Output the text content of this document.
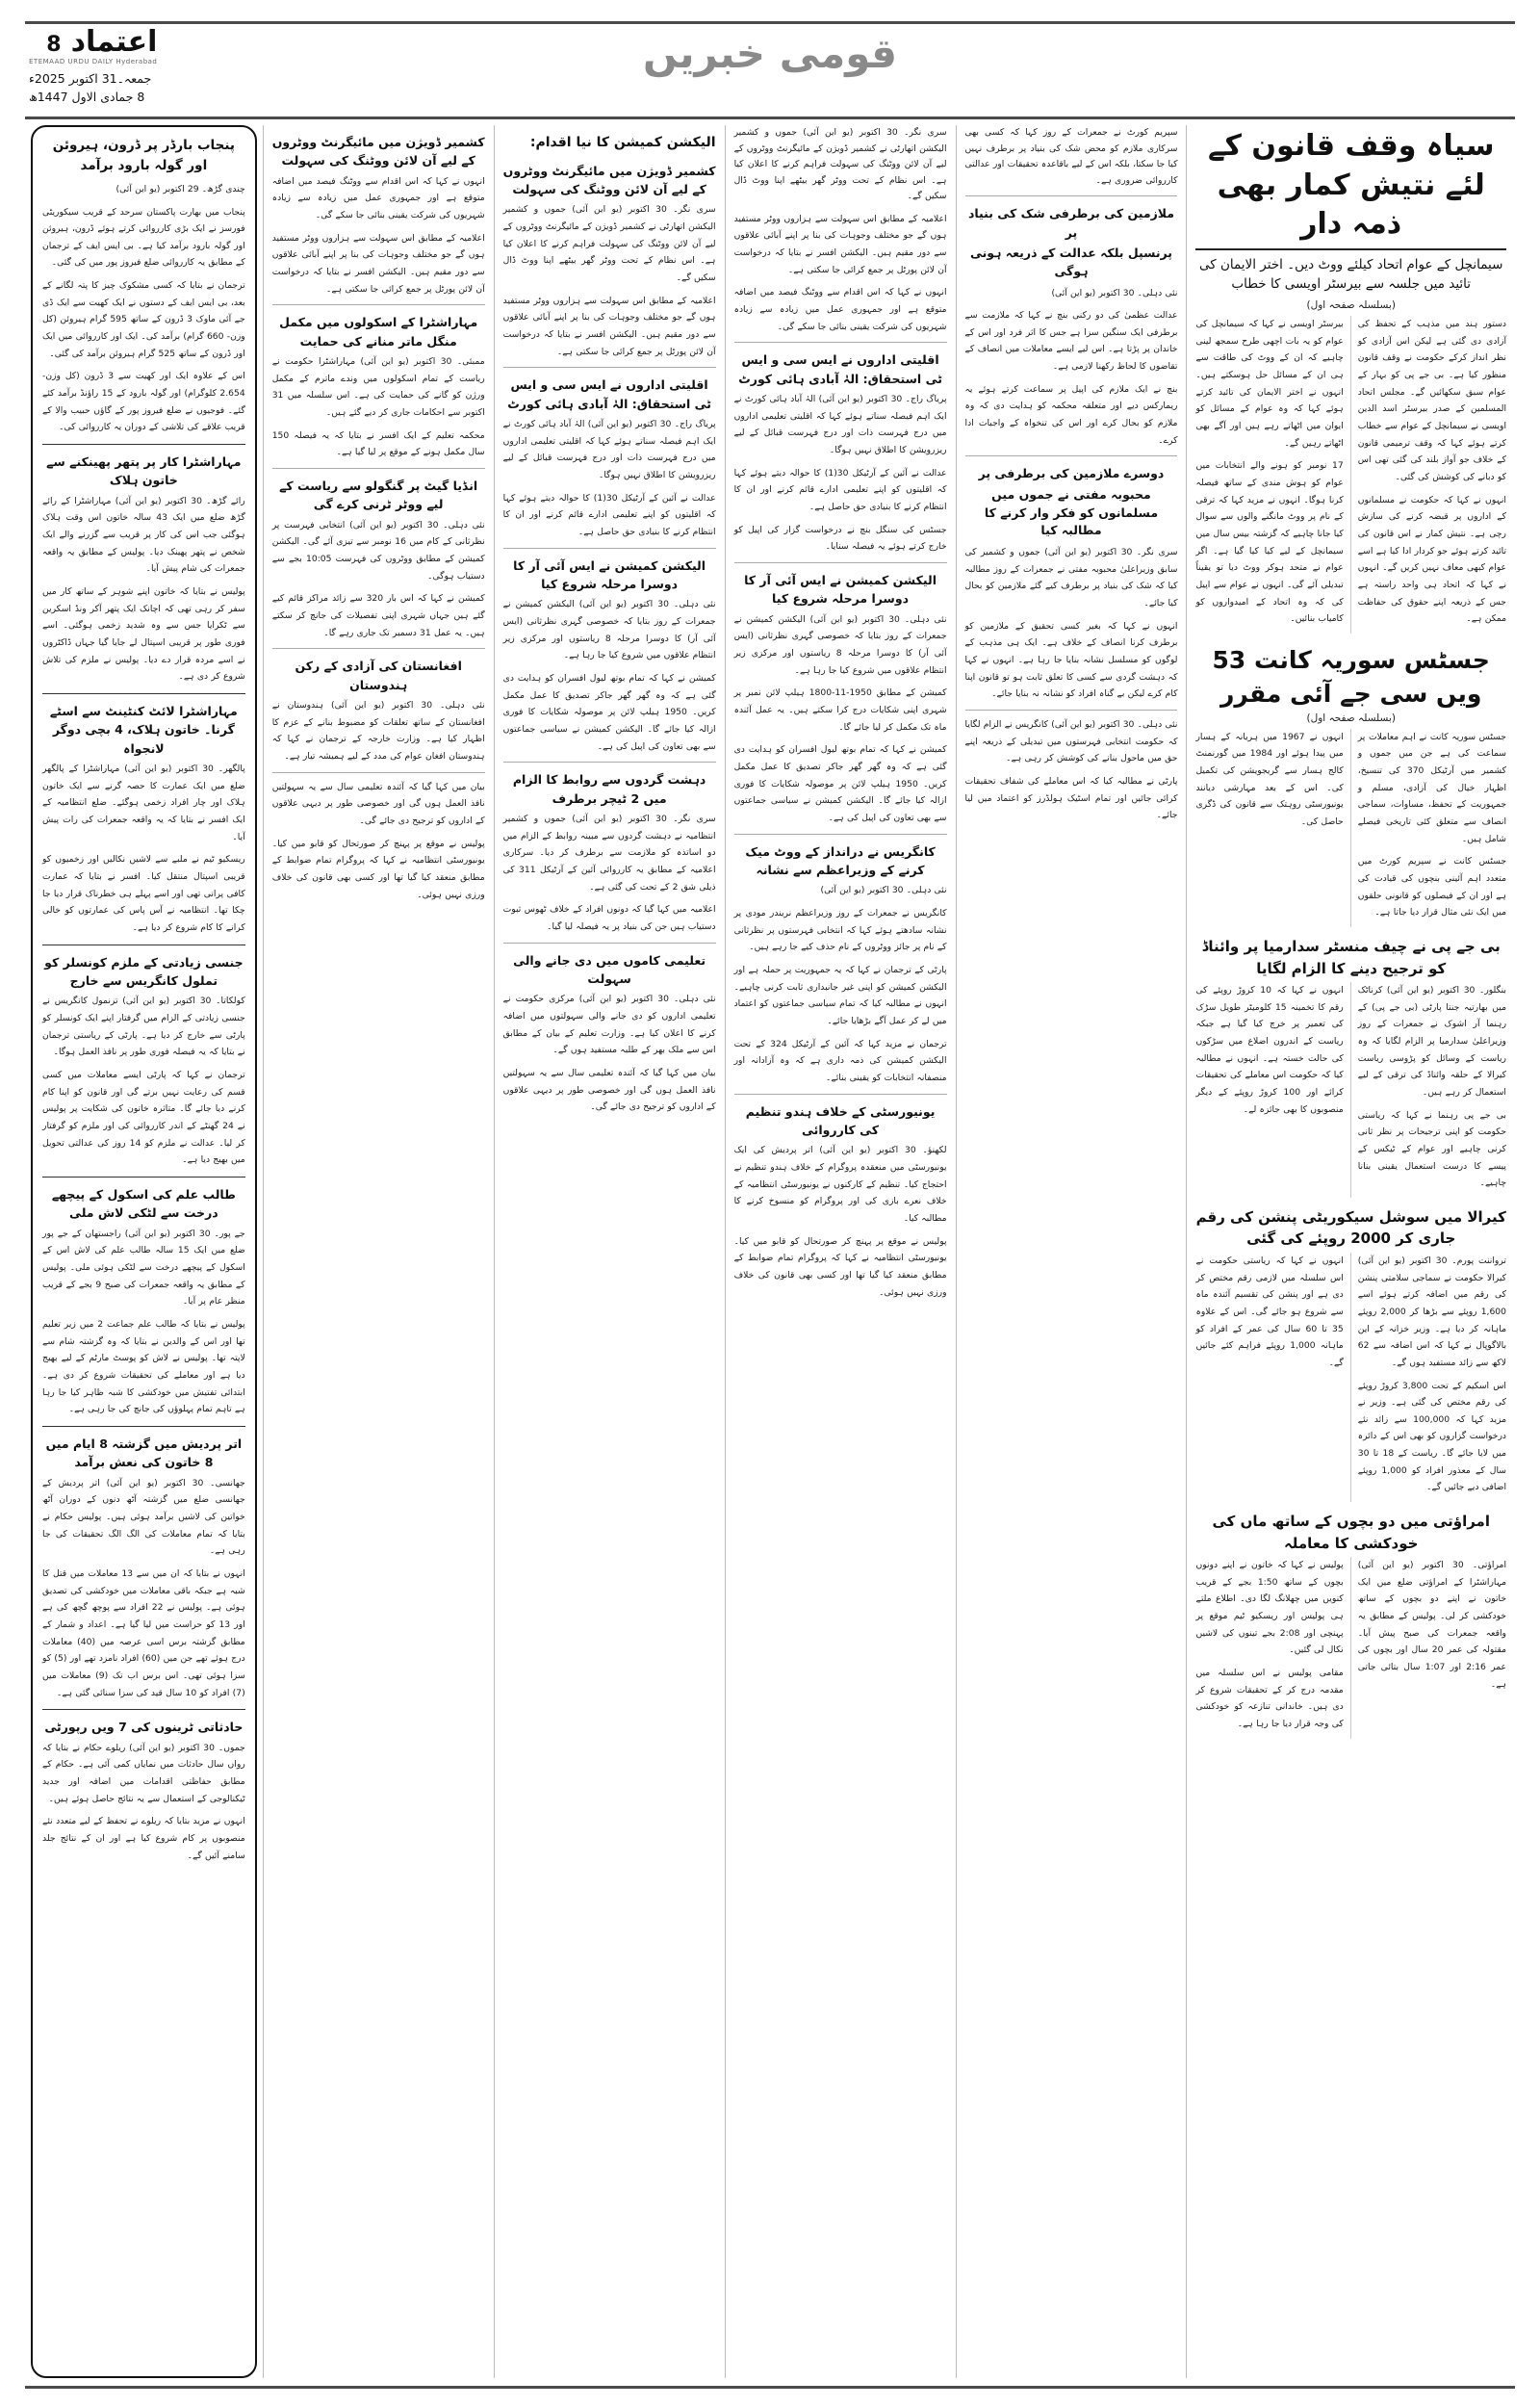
اعتماد
8
ETEMAAD URDU DAILY Hyderabad
جمعہ۔31 اکتوبر 2025ء
8 جمادی الاول 1447ھ
قومی خبریں
سیاہ وقف قانون کے لئے نتیش کمار بھی ذمہ دار
سیمانچل کے عوام اتحاد کیلئے ووٹ دیں۔ اختر الایمان کی تائید میں جلسہ سے بیرسٹر اویسی کا خطاب
(بسلسلہ صفحہ اول)
دستور ہند میں مذہب کے تحفظ کی آزادی دی گئی ہے لیکن اس آزادی کو نظر انداز کرکے حکومت نے وقف قانون منظور کیا ہے۔ بی جے پی کو بہار کے عوام سبق سکھائیں گے۔ مجلس اتحاد المسلمین کے صدر بیرسٹر اسد الدین اویسی نے سیمانچل کے عوام سے خطاب کرتے ہوئے کہا کہ وقف ترمیمی قانون کے خلاف جو آواز بلند کی گئی تھی اس کو دبانے کی کوشش کی گئی۔
انہوں نے کہا کہ حکومت نے مسلمانوں کے اداروں پر قبضہ کرنے کی سازش رچی ہے۔ نتیش کمار نے اس قانون کی تائید کرتے ہوئے جو کردار ادا کیا ہے اسے عوام کبھی معاف نہیں کریں گے۔ انہوں نے کہا کہ اتحاد ہی واحد راستہ ہے جس کے ذریعہ اپنے حقوق کی حفاظت ممکن ہے۔
بیرسٹر اویسی نے کہا کہ سیمانچل کی عوام کو یہ بات اچھی طرح سمجھ لینی چاہیے کہ ان کے ووٹ کی طاقت سے ہی ان کے مسائل حل ہوسکتے ہیں۔ انہوں نے اختر الایمان کی تائید کرتے ہوئے کہا کہ وہ عوام کے مسائل کو ایوان میں اٹھاتے رہے ہیں اور آگے بھی اٹھاتے رہیں گے۔
17 نومبر کو ہونے والے انتخابات میں عوام کو ہوش مندی کے ساتھ فیصلہ کرنا ہوگا۔ انہوں نے مزید کہا کہ ترقی کے نام پر ووٹ مانگنے والوں سے سوال کیا جانا چاہیے کہ گزشتہ بیس سال میں سیمانچل کے لیے کیا کیا گیا ہے۔ اگر عوام نے متحد ہوکر ووٹ دیا تو یقیناً تبدیلی آئے گی۔ انہوں نے عوام سے اپیل کی کہ وہ اتحاد کے امیدواروں کو کامیاب بنائیں۔
جسٹس سوریہ کانت 53 ویں سی جے آئی مقرر
(بسلسلہ صفحہ اول)
جسٹس سوریہ کانت نے اہم معاملات پر سماعت کی ہے جن میں جموں و کشمیر میں آرٹیکل 370 کی تنسیخ، اظہار خیال کی آزادی، مسلم و جمہوریت کے تحفظ، مساوات، سماجی انصاف سے متعلق کئی تاریخی فیصلے شامل ہیں۔
جسٹس کانت نے سپریم کورٹ میں متعدد اہم آئینی بنچوں کی قیادت کی ہے اور ان کے فیصلوں کو قانونی حلقوں میں ایک نئی مثال قرار دیا جاتا ہے۔
انہوں نے 1967 میں ہریانہ کے ہسار میں پیدا ہوئے اور 1984 میں گورنمنٹ کالج ہسار سے گریجویشن کی تکمیل کی۔ اس کے بعد مہارشی دیانند یونیورسٹی روہتک سے قانون کی ڈگری حاصل کی۔
بی جے پی نے چیف منسٹر سدارمیا پر وائناڈ کو ترجیح دینے کا الزام لگایا
بنگلور۔ 30 اکتوبر (یو این آئی) کرناٹک میں بھارتیہ جنتا پارٹی (بی جے پی) کے رہنما آر اشوک نے جمعرات کے روز وزیراعلیٰ سدارمیا پر الزام لگایا کہ وہ ریاست کے وسائل کو پڑوسی ریاست کیرالا کے حلقہ وائناڈ کی ترقی کے لیے استعمال کر رہے ہیں۔
بی جے پی رہنما نے کہا کہ ریاستی حکومت کو اپنی ترجیحات پر نظر ثانی کرنی چاہیے اور عوام کے ٹیکس کے پیسے کا درست استعمال یقینی بنانا چاہیے۔
انہوں نے کہا کہ 10 کروڑ روپئے کی رقم کا تخمینہ 15 کلومیٹر طویل سڑک کی تعمیر پر خرچ کیا گیا ہے جبکہ ریاست کے اندرون اضلاع میں سڑکوں کی حالت خستہ ہے۔ انہوں نے مطالبہ کیا کہ حکومت اس معاملے کی تحقیقات کرائے اور 100 کروڑ روپئے کے دیگر منصوبوں کا بھی جائزہ لے۔
کیرالا میں سوشل سیکوریٹی پنشن کی رقم جاری کر 2000 روپئے کی گئی
ترواننت پورم۔ 30 اکتوبر (یو این آئی) کیرالا حکومت نے سماجی سلامتی پنشن کی رقم میں اضافہ کرتے ہوئے اسے 1,600 روپئے سے بڑھا کر 2,000 روپئے ماہانہ کر دیا ہے۔ وزیر خزانہ کے این بالاگوپال نے کہا کہ اس اضافہ سے 62 لاکھ سے زائد مستفید ہوں گے۔
اس اسکیم کے تحت 3,800 کروڑ روپئے کی رقم مختص کی گئی ہے۔ وزیر نے مزید کہا کہ 100,000 سے زائد نئے درخواست گزاروں کو بھی اس کے دائرہ میں لایا جائے گا۔ ریاست کے 18 تا 30 سال کے معذور افراد کو 1,000 روپئے اضافی دیے جائیں گے۔
انہوں نے کہا کہ ریاستی حکومت نے اس سلسلہ میں لازمی رقم مختص کر دی ہے اور پنشن کی تقسیم آئندہ ماہ سے شروع ہو جائے گی۔ اس کے علاوہ 35 تا 60 سال کی عمر کے افراد کو ماہانہ 1,000 روپئے فراہم کئے جائیں گے۔
امراؤتی میں دو بچوں کے ساتھ ماں کی خودکشی کا معاملہ
امراؤتی۔ 30 اکتوبر (یو این آئی) مہاراشٹرا کے امراؤتی ضلع میں ایک خاتون نے اپنے دو بچوں کے ساتھ خودکشی کر لی۔ پولیس کے مطابق یہ واقعہ جمعرات کی صبح پیش آیا۔ مقتولہ کی عمر 20 سال اور بچوں کی عمر 2:16 اور 1:07 سال بتائی جاتی ہے۔
پولیس نے کہا کہ خاتون نے اپنے دونوں بچوں کے ساتھ 1:50 بجے کے قریب کنویں میں چھلانگ لگا دی۔ اطلاع ملتے ہی پولیس اور ریسکیو ٹیم موقع پر پہنچی اور 2:08 بجے تینوں کی لاشیں نکال لی گئیں۔
مقامی پولیس نے اس سلسلہ میں مقدمہ درج کر کے تحقیقات شروع کر دی ہیں۔ خاندانی تنازعہ کو خودکشی کی وجہ قرار دیا جا رہا ہے۔
سپریم کورٹ نے جمعرات کے روز کہا کہ کسی بھی سرکاری ملازم کو محض شک کی بنیاد پر برطرف نہیں کیا جا سکتا، بلکہ اس کے لیے باقاعدہ تحقیقات اور عدالتی کارروائی ضروری ہے۔
ملازمین کی برطرفی شک کی بنیاد پر
پرنسپل بلکہ عدالت کے ذریعہ ہونی ہوگی
نئی دہلی۔ 30 اکتوبر (یو این آئی)
عدالت عظمیٰ کی دو رکنی بنچ نے کہا کہ ملازمت سے برطرفی ایک سنگین سزا ہے جس کا اثر فرد اور اس کے خاندان پر پڑتا ہے۔ اس لیے ایسے معاملات میں انصاف کے تقاضوں کا لحاظ رکھنا لازمی ہے۔
بنچ نے ایک ملازم کی اپیل پر سماعت کرتے ہوئے یہ ریمارکس دیے اور متعلقہ محکمہ کو ہدایت دی کہ وہ ملازم کو بحال کرے اور اس کی تنخواہ کے واجبات ادا کرے۔
دوسرے ملازمین کی برطرفی پر
محبوبہ مفتی نے جموں میں مسلمانوں کو فکر وار کرنے کا مطالبہ کیا
سری نگر۔ 30 اکتوبر (یو این آئی) جموں و کشمیر کی سابق وزیراعلیٰ محبوبہ مفتی نے جمعرات کے روز مطالبہ کیا کہ شک کی بنیاد پر برطرف کیے گئے ملازمین کو بحال کیا جائے۔
انہوں نے کہا کہ بغیر کسی تحقیق کے ملازمین کو برطرف کرنا انصاف کے خلاف ہے۔ ایک ہی مذہب کے لوگوں کو مسلسل نشانہ بنایا جا رہا ہے۔ انہوں نے کہا کہ دہشت گردی سے کسی کا تعلق ثابت ہو تو قانون اپنا کام کرے لیکن بے گناہ افراد کو نشانہ نہ بنایا جائے۔
نئی دہلی۔ 30 اکتوبر (یو این آئی) کانگریس نے الزام لگایا کہ حکومت انتخابی فہرستوں میں تبدیلی کے ذریعہ اپنے حق میں ماحول بنانے کی کوشش کر رہی ہے۔
پارٹی نے مطالبہ کیا کہ اس معاملے کی شفاف تحقیقات کرائی جائیں اور تمام اسٹیک ہولڈرز کو اعتماد میں لیا جائے۔
سری نگر۔ 30 اکتوبر (یو این آئی) جموں و کشمیر الیکشن اتھارٹی نے کشمیر ڈویژن کے مائیگرنٹ ووٹروں کے لیے آن لائن ووٹنگ کی سہولت فراہم کرنے کا اعلان کیا ہے۔ اس نظام کے تحت ووٹر گھر بیٹھے اپنا ووٹ ڈال سکیں گے۔
اعلامیہ کے مطابق اس سہولت سے ہزاروں ووٹر مستفید ہوں گے جو مختلف وجوہات کی بنا پر اپنے آبائی علاقوں سے دور مقیم ہیں۔ الیکشن افسر نے بتایا کہ درخواست آن لائن پورٹل پر جمع کرائی جا سکتی ہے۔
انہوں نے کہا کہ اس اقدام سے ووٹنگ فیصد میں اضافہ متوقع ہے اور جمہوری عمل میں زیادہ سے زیادہ شہریوں کی شرکت یقینی بنائی جا سکے گی۔
اقلیتی اداروں نے ایس سی و ایس ٹی استحقاق: الہٰ آبادی ہائی کورٹ
پریاگ راج۔ 30 اکتوبر (یو این آئی) الہٰ آباد ہائی کورٹ نے ایک اہم فیصلہ سناتے ہوئے کہا کہ اقلیتی تعلیمی اداروں میں درج فہرست ذات اور درج فہرست قبائل کے لیے ریزرویشن کا اطلاق نہیں ہوگا۔
عدالت نے آئین کے آرٹیکل 30(1) کا حوالہ دیتے ہوئے کہا کہ اقلیتوں کو اپنے تعلیمی ادارے قائم کرنے اور ان کا انتظام کرنے کا بنیادی حق حاصل ہے۔
جسٹس کی سنگل بنچ نے درخواست گزار کی اپیل کو خارج کرتے ہوئے یہ فیصلہ سنایا۔
الیکشن کمیشن نے ایس آئی آر کا دوسرا مرحلہ شروع کیا
نئی دہلی۔ 30 اکتوبر (یو این آئی) الیکشن کمیشن نے جمعرات کے روز بتایا کہ خصوصی گہری نظرثانی (ایس آئی آر) کا دوسرا مرحلہ 8 ریاستوں اور مرکزی زیر انتظام علاقوں میں شروع کیا جا رہا ہے۔
کمیشن کے مطابق 1950-11-1800 ہیلپ لائن نمبر پر شہری اپنی شکایات درج کرا سکتے ہیں۔ یہ عمل آئندہ ماہ تک مکمل کر لیا جائے گا۔
کمیشن نے کہا کہ تمام بوتھ لیول افسران کو ہدایت دی گئی ہے کہ وہ گھر گھر جاکر تصدیق کا عمل مکمل کریں۔ 1950 ہیلپ لائن پر موصولہ شکایات کا فوری ازالہ کیا جائے گا۔ الیکشن کمیشن نے سیاسی جماعتوں سے بھی تعاون کی اپیل کی ہے۔
کانگریس نے درانداز کے ووٹ میک کرنے کے وزیراعظم سے نشانہ
نئی دہلی۔ 30 اکتوبر (یو این آئی)
کانگریس نے جمعرات کے روز وزیراعظم نریندر مودی پر نشانہ سادھتے ہوئے کہا کہ انتخابی فہرستوں پر نظرثانی کے نام پر جائز ووٹروں کے نام حذف کیے جا رہے ہیں۔
پارٹی کے ترجمان نے کہا کہ یہ جمہوریت پر حملہ ہے اور الیکشن کمیشن کو اپنی غیر جانبداری ثابت کرنی چاہیے۔ انہوں نے مطالبہ کیا کہ تمام سیاسی جماعتوں کو اعتماد میں لے کر عمل آگے بڑھایا جائے۔
ترجمان نے مزید کہا کہ آئین کے آرٹیکل 324 کے تحت الیکشن کمیشن کی ذمہ داری ہے کہ وہ آزادانہ اور منصفانہ انتخابات کو یقینی بنائے۔
یونیورسٹی کے خلاف ہندو تنظیم کی کارروائی
لکھنؤ۔ 30 اکتوبر (یو این آئی) اتر پردیش کی ایک یونیورسٹی میں منعقدہ پروگرام کے خلاف ہندو تنظیم نے احتجاج کیا۔ تنظیم کے کارکنوں نے یونیورسٹی انتظامیہ کے خلاف نعرے بازی کی اور پروگرام کو منسوخ کرنے کا مطالبہ کیا۔
پولیس نے موقع پر پہنچ کر صورتحال کو قابو میں کیا۔ یونیورسٹی انتظامیہ نے کہا کہ پروگرام تمام ضوابط کے مطابق منعقد کیا گیا تھا اور کسی بھی قانون کی خلاف ورزی نہیں ہوئی۔
الیکشن کمیشن کا نیا اقدام:
کشمیر ڈویژن میں مائیگرنٹ ووٹروں کے لیے آن لائن ووٹنگ کی سہولت
سری نگر۔ 30 اکتوبر (یو این آئی) جموں و کشمیر الیکشن اتھارٹی نے کشمیر ڈویژن کے مائیگرنٹ ووٹروں کے لیے آن لائن ووٹنگ کی سہولت فراہم کرنے کا اعلان کیا ہے۔ اس نظام کے تحت ووٹر گھر بیٹھے اپنا ووٹ ڈال سکیں گے۔
اعلامیہ کے مطابق اس سہولت سے ہزاروں ووٹر مستفید ہوں گے جو مختلف وجوہات کی بنا پر اپنے آبائی علاقوں سے دور مقیم ہیں۔ الیکشن افسر نے بتایا کہ درخواست آن لائن پورٹل پر جمع کرائی جا سکتی ہے۔
اقلیتی اداروں نے ایس سی و ایس ٹی استحقاق: الہٰ آبادی ہائی کورٹ
پریاگ راج۔ 30 اکتوبر (یو این آئی) الہٰ آباد ہائی کورٹ نے ایک اہم فیصلہ سناتے ہوئے کہا کہ اقلیتی تعلیمی اداروں میں درج فہرست ذات اور درج فہرست قبائل کے لیے ریزرویشن کا اطلاق نہیں ہوگا۔
عدالت نے آئین کے آرٹیکل 30(1) کا حوالہ دیتے ہوئے کہا کہ اقلیتوں کو اپنے تعلیمی ادارے قائم کرنے اور ان کا انتظام کرنے کا بنیادی حق حاصل ہے۔
الیکشن کمیشن نے ایس آئی آر کا دوسرا مرحلہ شروع کیا
نئی دہلی۔ 30 اکتوبر (یو این آئی) الیکشن کمیشن نے جمعرات کے روز بتایا کہ خصوصی گہری نظرثانی (ایس آئی آر) کا دوسرا مرحلہ 8 ریاستوں اور مرکزی زیر انتظام علاقوں میں شروع کیا جا رہا ہے۔
کمیشن نے کہا کہ تمام بوتھ لیول افسران کو ہدایت دی گئی ہے کہ وہ گھر گھر جاکر تصدیق کا عمل مکمل کریں۔ 1950 ہیلپ لائن پر موصولہ شکایات کا فوری ازالہ کیا جائے گا۔ الیکشن کمیشن نے سیاسی جماعتوں سے بھی تعاون کی اپیل کی ہے۔
دہشت گردوں سے روابط کا الزام میں 2 ٹیچر برطرف
سری نگر۔ 30 اکتوبر (یو این آئی) جموں و کشمیر انتظامیہ نے دہشت گردوں سے مبینہ روابط کے الزام میں دو اساتذہ کو ملازمت سے برطرف کر دیا۔ سرکاری اعلامیہ کے مطابق یہ کارروائی آئین کے آرٹیکل 311 کی ذیلی شق 2 کے تحت کی گئی ہے۔
اعلامیہ میں کہا گیا کہ دونوں افراد کے خلاف ٹھوس ثبوت دستیاب ہیں جن کی بنیاد پر یہ فیصلہ لیا گیا۔
تعلیمی کاموں میں دی جانے والی سہولت
نئی دہلی۔ 30 اکتوبر (یو این آئی) مرکزی حکومت نے تعلیمی اداروں کو دی جانے والی سہولتوں میں اضافہ کرنے کا اعلان کیا ہے۔ وزارت تعلیم کے بیان کے مطابق اس سے ملک بھر کے طلبہ مستفید ہوں گے۔
بیان میں کہا گیا کہ آئندہ تعلیمی سال سے یہ سہولتیں نافذ العمل ہوں گی اور خصوصی طور پر دیہی علاقوں کے اداروں کو ترجیح دی جائے گی۔
کشمیر ڈویژن میں مائیگرنٹ ووٹروں کے لیے آن لائن ووٹنگ کی سہولت
انہوں نے کہا کہ اس اقدام سے ووٹنگ فیصد میں اضافہ متوقع ہے اور جمہوری عمل میں زیادہ سے زیادہ شہریوں کی شرکت یقینی بنائی جا سکے گی۔
اعلامیہ کے مطابق اس سہولت سے ہزاروں ووٹر مستفید ہوں گے جو مختلف وجوہات کی بنا پر اپنے آبائی علاقوں سے دور مقیم ہیں۔ الیکشن افسر نے بتایا کہ درخواست آن لائن پورٹل پر جمع کرائی جا سکتی ہے۔
مہاراشٹرا کے اسکولوں میں مکمل منگل ماتر منانے کی حمایت
ممبئی۔ 30 اکتوبر (یو این آئی) مہاراشٹرا حکومت نے ریاست کے تمام اسکولوں میں وندے ماترم کے مکمل ورژن کو گانے کی حمایت کی ہے۔ اس سلسلہ میں 31 اکتوبر سے احکامات جاری کر دیے گئے ہیں۔
محکمہ تعلیم کے ایک افسر نے بتایا کہ یہ فیصلہ 150 سال مکمل ہونے کے موقع پر لیا گیا ہے۔
انڈیا گیٹ پر گنگولو سے ریاست کے لیے ووٹر ٹرنی کرے گی
نئی دہلی۔ 30 اکتوبر (یو این آئی) انتخابی فہرست پر نظرثانی کے کام میں 16 نومبر سے تیزی آئے گی۔ الیکشن کمیشن کے مطابق ووٹروں کی فہرست 10:05 بجے سے دستیاب ہوگی۔
کمیشن نے کہا کہ اس بار 320 سے زائد مراکز قائم کیے گئے ہیں جہاں شہری اپنی تفصیلات کی جانچ کر سکتے ہیں۔ یہ عمل 31 دسمبر تک جاری رہے گا۔
افغانستان کی آزادی کے رکن ہندوستان
نئی دہلی۔ 30 اکتوبر (یو این آئی) ہندوستان نے افغانستان کے ساتھ تعلقات کو مضبوط بنانے کے عزم کا اظہار کیا ہے۔ وزارت خارجہ کے ترجمان نے کہا کہ ہندوستان افغان عوام کی مدد کے لیے ہمیشہ تیار ہے۔
بیان میں کہا گیا کہ آئندہ تعلیمی سال سے یہ سہولتیں نافذ العمل ہوں گی اور خصوصی طور پر دیہی علاقوں کے اداروں کو ترجیح دی جائے گی۔
پولیس نے موقع پر پہنچ کر صورتحال کو قابو میں کیا۔ یونیورسٹی انتظامیہ نے کہا کہ پروگرام تمام ضوابط کے مطابق منعقد کیا گیا تھا اور کسی بھی قانون کی خلاف ورزی نہیں ہوئی۔
پنجاب بارڈر پر ڈرون، ہیروئن اور گولہ بارود برآمد
چندی گڑھ۔ 29 اکتوبر (یو این آئی)
پنجاب میں بھارت پاکستان سرحد کے قریب سیکوریٹی فورسز نے ایک بڑی کارروائی کرتے ہوئے ڈرون، ہیروئن اور گولہ بارود برآمد کیا ہے۔ بی ایس ایف کے ترجمان کے مطابق یہ کارروائی ضلع فیروز پور میں کی گئی۔
ترجمان نے بتایا کہ کسی مشکوک چیز کا پتہ لگانے کے بعد، بی ایس ایف کے دستوں نے ایک کھیت سے ایک ڈی جے آئی ماوک 3 ڈرون کے ساتھ 595 گرام ہیروئن (کل وزن- 660 گرام) برآمد کی۔ ایک اور کارروائی میں ایک اور ڈرون کے ساتھ 525 گرام ہیروئن برآمد کی گئی۔
اس کے علاوہ ایک اور کھیت سے 3 ڈرون (کل وزن- 2.654 کلوگرام) اور گولہ بارود کے 15 راؤنڈ برآمد کئے گئے۔ فوجیوں نے ضلع فیروز پور کے گاؤں حبیب والا کے قریب علاقے کی تلاشی کے دوران یہ کارروائی کی۔
مہاراشٹرا کار پر پتھر پھینکنے سے خاتون ہلاک
رائے گڑھ۔ 30 اکتوبر (یو این آئی) مہاراشٹرا کے رائے گڑھ ضلع میں ایک 43 سالہ خاتون اس وقت ہلاک ہوگئی جب اس کی کار پر قریب سے گزرنے والے ایک شخص نے پتھر پھینک دیا۔ پولیس کے مطابق یہ واقعہ جمعرات کی شام پیش آیا۔
پولیس نے بتایا کہ خاتون اپنے شوہر کے ساتھ کار میں سفر کر رہی تھی کہ اچانک ایک پتھر آکر ونڈ اسکرین سے ٹکرایا جس سے وہ شدید زخمی ہوگئی۔ اسے فوری طور پر قریبی اسپتال لے جایا گیا جہاں ڈاکٹروں نے اسے مردہ قرار دے دیا۔ پولیس نے ملزم کی تلاش شروع کر دی ہے۔
مہاراشٹرا لائٹ کنٹینٹ سے اسٹے گرنا۔ خاتون ہلاک، 4 بچی دوگر لانجواہ
پالگھر۔ 30 اکتوبر (یو این آئی) مہاراشٹرا کے پالگھر ضلع میں ایک عمارت کا حصہ گرنے سے ایک خاتون ہلاک اور چار افراد زخمی ہوگئے۔ ضلع انتظامیہ کے ایک افسر نے بتایا کہ یہ واقعہ جمعرات کی رات پیش آیا۔
ریسکیو ٹیم نے ملبے سے لاشیں نکالیں اور زخمیوں کو قریبی اسپتال منتقل کیا۔ افسر نے بتایا کہ عمارت کافی پرانی تھی اور اسے پہلے ہی خطرناک قرار دیا جا چکا تھا۔ انتظامیہ نے آس پاس کی عمارتوں کو خالی کرانے کا کام شروع کر دیا ہے۔
جنسی زیادتی کے ملزم کونسلر کو تملول کانگریس سے خارج
کولکاتا۔ 30 اکتوبر (یو این آئی) ترنمول کانگریس نے جنسی زیادتی کے الزام میں گرفتار اپنے ایک کونسلر کو پارٹی سے خارج کر دیا ہے۔ پارٹی کے ریاستی ترجمان نے بتایا کہ یہ فیصلہ فوری طور پر نافذ العمل ہوگا۔
ترجمان نے کہا کہ پارٹی ایسے معاملات میں کسی قسم کی رعایت نہیں برتے گی اور قانون کو اپنا کام کرنے دیا جائے گا۔ متاثرہ خاتون کی شکایت پر پولیس نے 24 گھنٹے کے اندر کارروائی کی اور ملزم کو گرفتار کر لیا۔ عدالت نے ملزم کو 14 روز کی عدالتی تحویل میں بھیج دیا ہے۔
طالب علم کی اسکول کے پیچھے درخت سے لٹکی لاش ملی
جے پور۔ 30 اکتوبر (یو این آئی) راجستھان کے جے پور ضلع میں ایک 15 سالہ طالب علم کی لاش اس کے اسکول کے پیچھے درخت سے لٹکی ہوئی ملی۔ پولیس کے مطابق یہ واقعہ جمعرات کی صبح 9 بجے کے قریب منظر عام پر آیا۔
پولیس نے بتایا کہ طالب علم جماعت 2 میں زیر تعلیم تھا اور اس کے والدین نے بتایا کہ وہ گزشتہ شام سے لاپتہ تھا۔ پولیس نے لاش کو پوسٹ مارٹم کے لیے بھیج دیا ہے اور معاملے کی تحقیقات شروع کر دی ہے۔ ابتدائی تفتیش میں خودکشی کا شبہ ظاہر کیا جا رہا ہے تاہم تمام پہلوؤں کی جانچ کی جا رہی ہے۔
اتر پردیش میں گزشتہ 8 ایام میں 8 خاتون کی نعش برآمد
جھانسی۔ 30 اکتوبر (یو این آئی) اتر پردیش کے جھانسی ضلع میں گزشتہ آٹھ دنوں کے دوران آٹھ خواتین کی لاشیں برآمد ہوئی ہیں۔ پولیس حکام نے بتایا کہ تمام معاملات کی الگ الگ تحقیقات کی جا رہی ہے۔
انہوں نے بتایا کہ ان میں سے 13 معاملات میں قتل کا شبہ ہے جبکہ باقی معاملات میں خودکشی کی تصدیق ہوئی ہے۔ پولیس نے 22 افراد سے پوچھ گچھ کی ہے اور 13 کو حراست میں لیا گیا ہے۔ اعداد و شمار کے مطابق گزشتہ برس اسی عرصہ میں (40) معاملات درج ہوئے تھے جن میں (60) افراد نامزد تھے اور (5) کو سزا ہوئی تھی۔ اس برس اب تک (9) معاملات میں (7) افراد کو 10 سال قید کی سزا سنائی گئی ہے۔
حادثاتی ٹرینوں کی 7 ویں رپورٹی
جموں۔ 30 اکتوبر (یو این آئی) ریلوے حکام نے بتایا کہ رواں سال حادثات میں نمایاں کمی آئی ہے۔ حکام کے مطابق حفاظتی اقدامات میں اضافہ اور جدید ٹیکنالوجی کے استعمال سے یہ نتائج حاصل ہوئے ہیں۔
انہوں نے مزید بتایا کہ ریلوے نے تحفظ کے لیے متعدد نئے منصوبوں پر کام شروع کیا ہے اور ان کے نتائج جلد سامنے آئیں گے۔
